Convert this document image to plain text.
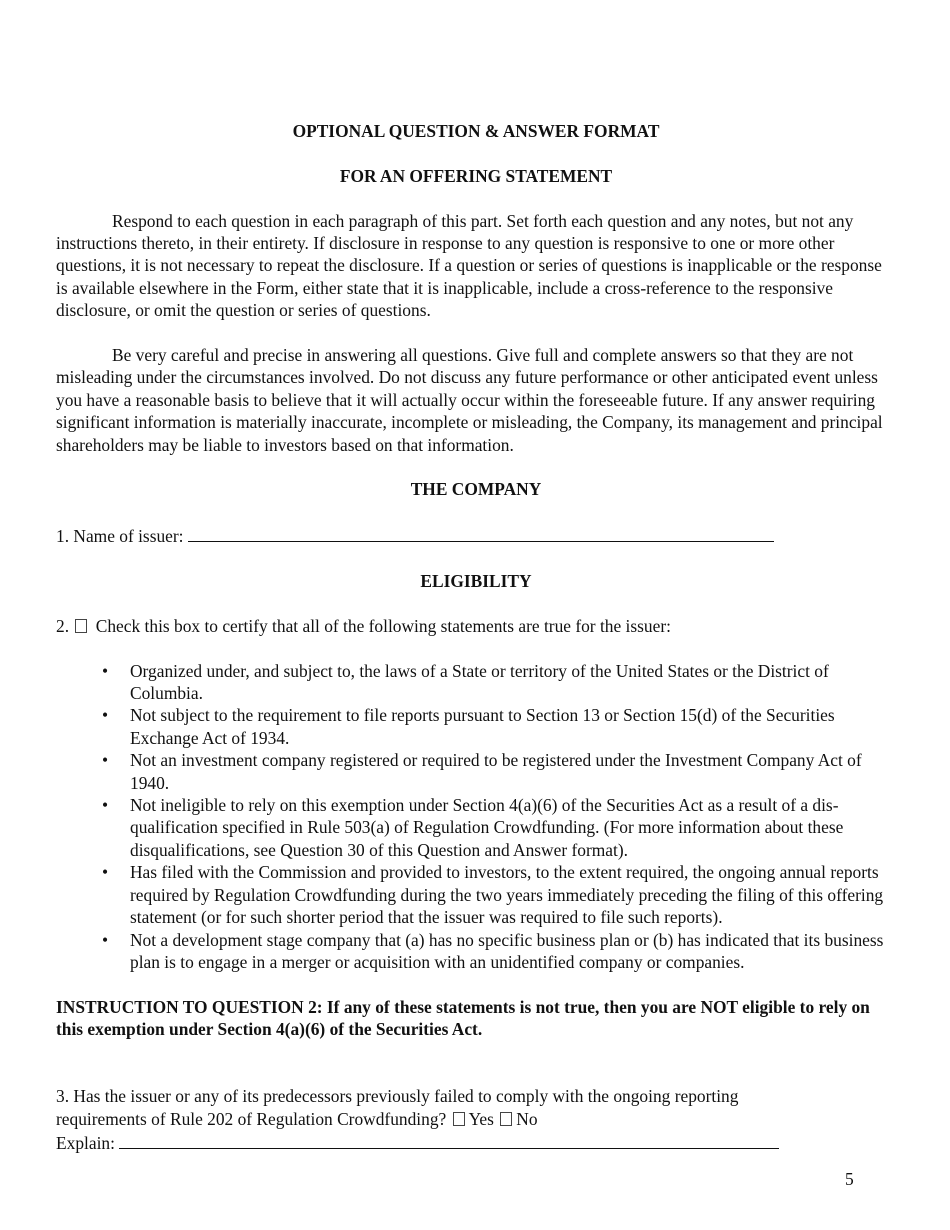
OPTIONAL QUESTION & ANSWER FORMAT

FOR AN OFFERING STATEMENT

Respond to each question in each paragraph of this part. Set forth each question and any notes, but not any instructions thereto, in their entirety. If disclosure in response to any question is responsive to one or more other questions, it is not necessary to repeat the disclosure. If a question or series of questions is inapplicable or the response is available elsewhere in the Form, either state that it is inapplicable, include a cross-reference to the responsive disclosure, or omit the question or series of questions.

Be very careful and precise in answering all questions. Give full and complete answers so that they are not misleading under the circumstances involved. Do not discuss any future performance or other anticipated event unless you have a reasonable basis to believe that it will actually occur within the foreseeable future. If any answer requiring significant information is materially inaccurate, incomplete or misleading, the Company, its management and principal shareholders may be liable to investors based on that information.

THE COMPANY

1. Name of issuer:

ELIGIBILITY

2. Check this box to certify that all of the following statements are true for the issuer:

• Organized under, and subject to, the laws of a State or territory of the United States or the District of Columbia.
• Not subject to the requirement to file reports pursuant to Section 13 or Section 15(d) of the Securities Exchange Act of 1934.
• Not an investment company registered or required to be registered under the Investment Company Act of 1940.
• Not ineligible to rely on this exemption under Section 4(a)(6) of the Securities Act as a result of a dis-qualification specified in Rule 503(a) of Regulation Crowdfunding. (For more information about these disqualifications, see Question 30 of this Question and Answer format).
• Has filed with the Commission and provided to investors, to the extent required, the ongoing annual reports required by Regulation Crowdfunding during the two years immediately preceding the filing of this offering statement (or for such shorter period that the issuer was required to file such reports).
• Not a development stage company that (a) has no specific business plan or (b) has indicated that its business plan is to engage in a merger or acquisition with an unidentified company or companies.

INSTRUCTION TO QUESTION 2: If any of these statements is not true, then you are NOT eligible to rely on this exemption under Section 4(a)(6) of the Securities Act.

3. Has the issuer or any of its predecessors previously failed to comply with the ongoing reporting
requirements of Rule 202 of Regulation Crowdfunding? Yes No
Explain:
5
